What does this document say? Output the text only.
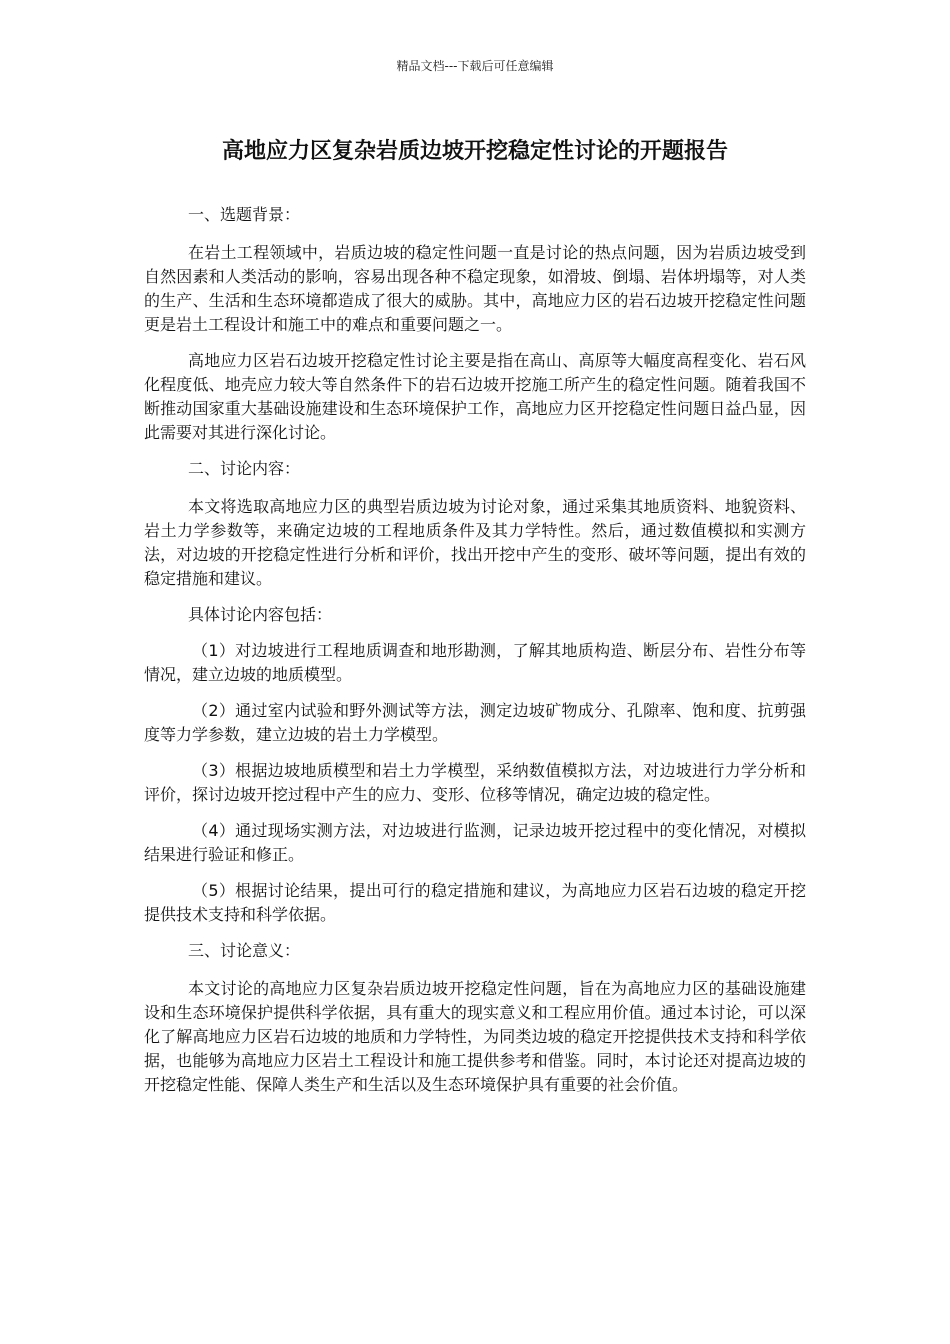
精品文档---下载后可任意编辑
高地应力区复杂岩质边坡开挖稳定性讨论的开题报告

一、选题背景：

在岩土工程领域中，岩质边坡的稳定性问题一直是讨论的热点问题，因为岩质边坡受到自然因素和人类活动的影响，容易出现各种不稳定现象，如滑坡、倒塌、岩体坍塌等，对人类的生产、生活和生态环境都造成了很大的威胁。其中，高地应力区的岩石边坡开挖稳定性问题更是岩土工程设计和施工中的难点和重要问题之一。

高地应力区岩石边坡开挖稳定性讨论主要是指在高山、高原等大幅度高程变化、岩石风化程度低、地壳应力较大等自然条件下的岩石边坡开挖施工所产生的稳定性问题。随着我国不断推动国家重大基础设施建设和生态环境保护工作，高地应力区开挖稳定性问题日益凸显，因此需要对其进行深化讨论。

二、讨论内容：

本文将选取高地应力区的典型岩质边坡为讨论对象，通过采集其地质资料、地貌资料、岩土力学参数等，来确定边坡的工程地质条件及其力学特性。然后，通过数值模拟和实测方法，对边坡的开挖稳定性进行分析和评价，找出开挖中产生的变形、破坏等问题，提出有效的稳定措施和建议。

具体讨论内容包括：

（1）对边坡进行工程地质调查和地形勘测，了解其地质构造、断层分布、岩性分布等情况，建立边坡的地质模型。

（2）通过室内试验和野外测试等方法，测定边坡矿物成分、孔隙率、饱和度、抗剪强度等力学参数，建立边坡的岩土力学模型。

（3）根据边坡地质模型和岩土力学模型，采纳数值模拟方法，对边坡进行力学分析和评价，探讨边坡开挖过程中产生的应力、变形、位移等情况，确定边坡的稳定性。

（4）通过现场实测方法，对边坡进行监测，记录边坡开挖过程中的变化情况，对模拟结果进行验证和修正。

（5）根据讨论结果，提出可行的稳定措施和建议，为高地应力区岩石边坡的稳定开挖提供技术支持和科学依据。

三、讨论意义：

本文讨论的高地应力区复杂岩质边坡开挖稳定性问题，旨在为高地应力区的基础设施建设和生态环境保护提供科学依据，具有重大的现实意义和工程应用价值。通过本讨论，可以深化了解高地应力区岩石边坡的地质和力学特性，为同类边坡的稳定开挖提供技术支持和科学依据，也能够为高地应力区岩土工程设计和施工提供参考和借鉴。同时，本讨论还对提高边坡的开挖稳定性能、保障人类生产和生活以及生态环境保护具有重要的社会价值。
